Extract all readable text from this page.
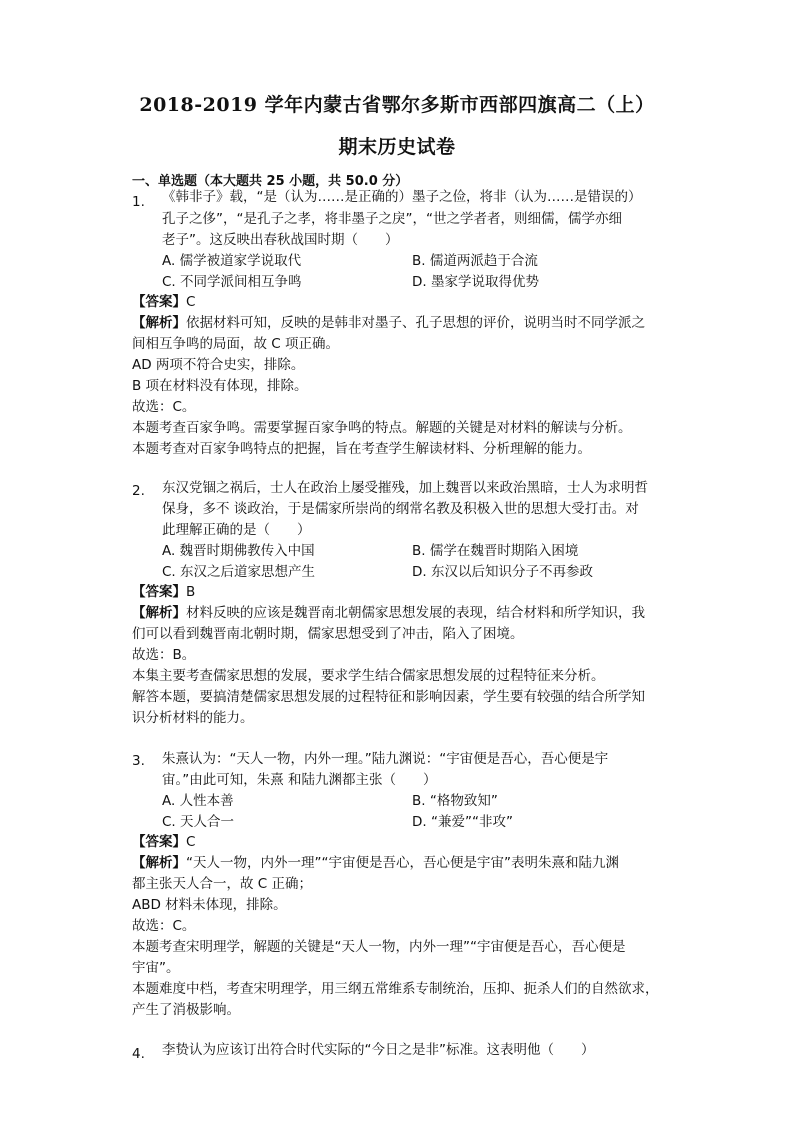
2018-2019 学年内蒙古省鄂尔多斯市西部四旗高二（上）
期末历史试卷
一、单选题（本大题共 25 小题，共 50.0 分）
1. 《韩非子》载，“是（认为……是正确的）墨子之俭，将非（认为……是错误的）
孔子之侈”，“是孔子之孝，将非墨子之戾”，“世之学者者，则细儒，儒学亦细
老子”。这反映出春秋战国时期（　　）
A. 儒学被道家学说取代	B. 儒道两派趋于合流
C. 不同学派间相互争鸣	D. 墨家学说取得优势
【答案】C
【解析】依据材料可知，反映的是韩非对墨子、孔子思想的评价，说明当时不同学派之
间相互争鸣的局面，故 C 项正确。
AD 两项不符合史实，排除。
B 项在材料没有体现，排除。
故选：C。
本题考查百家争鸣。需要掌握百家争鸣的特点。解题的关键是对材料的解读与分析。
本题考查对百家争鸣特点的把握，旨在考查学生解读材料、分析理解的能力。
2. 东汉党锢之祸后，士人在政治上屡受摧残，加上魏晋以来政治黑暗，士人为求明哲
保身，多不 谈政治，于是儒家所崇尚的纲常名教及积极入世的思想大受打击。对
此理解正确的是（　　）
A. 魏晋时期佛教传入中国	B. 儒学在魏晋时期陷入困境
C. 东汉之后道家思想产生	D. 东汉以后知识分子不再参政
【答案】B
【解析】材料反映的应该是魏晋南北朝儒家思想发展的表现，结合材料和所学知识，我
们可以看到魏晋南北朝时期，儒家思想受到了冲击，陷入了困境。
故选：B。
本集主要考查儒家思想的发展，要求学生结合儒家思想发展的过程特征来分析。
解答本题，要搞清楚儒家思想发展的过程特征和影响因素，学生要有较强的结合所学知
识分析材料的能力。
3. 朱熹认为：“天人一物，内外一理。”陆九渊说：“宇宙便是吾心，吾心便是宇
宙。”由此可知，朱熹 和陆九渊都主张（　　）
A. 人性本善	B. “格物致知”
C. 天人合一	D. “兼爱”“非攻”
【答案】C
【解析】“天人一物，内外一理”“宇宙便是吾心，吾心便是宇宙”表明朱熹和陆九渊
都主张天人合一，故 C 正确；
ABD 材料未体现，排除。
故选：C。
本题考查宋明理学，解题的关键是“天人一物，内外一理”“宇宙便是吾心，吾心便是
宇宙”。
本题难度中档，考查宋明理学，用三纲五常维系专制统治，压抑、扼杀人们的自然欲求，
产生了消极影响。
4. 李贽认为应该订出符合时代实际的“今日之是非”标准。这表明他（　　）
